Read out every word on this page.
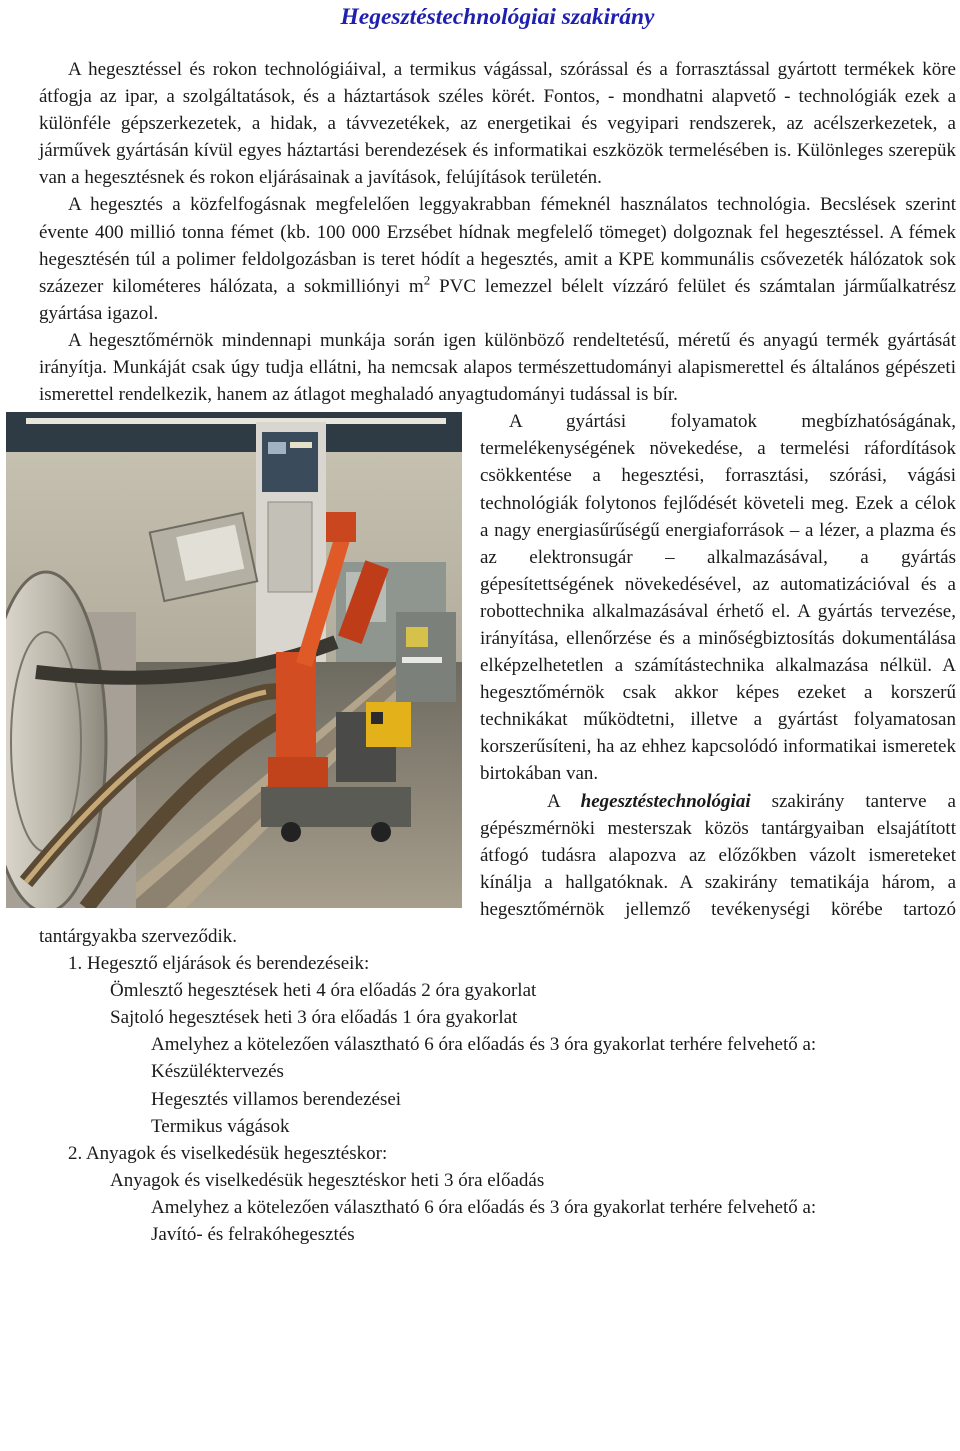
Hegesztéstechnológiai szakirány

A hegesztéssel és rokon technológiáival, a termikus vágással, szórással és a forrasztással gyártott termékek köre átfogja az ipar, a szolgáltatások, és a háztartások széles körét. Fontos, - mondhatni alapvető - technológiák ezek a különféle gépszerkezetek, a hidak, a távvezetékek, az energetikai és vegyipari rendszerek, az acélszerkezetek, a járművek gyártásán kívül egyes háztartási berendezések és informatikai eszközök termelésében is. Különleges szerepük van a hegesztésnek és rokon eljárásainak a javítások, felújítások területén.

A hegesztés a közfelfogásnak megfelelően leggyakrabban fémeknél használatos technológia. Becslések szerint évente 400 millió tonna fémet (kb. 100 000 Erzsébet hídnak megfelelő tömeget) dolgoznak fel hegesztéssel. A fémek hegesztésén túl a polimer feldolgozásban is teret hódít a hegesztés, amit a KPE kommunális csővezeték hálózatok sok százezer kilométeres hálózata, a sokmilliónyi $m^2$ PVC lemezzel bélelt vízzáró felület és számtalan járműalkatrész gyártása igazol.

A hegesztőmérnök mindennapi munkája során igen különböző rendeltetésű, méretű és anyagú termék gyártását irányítja. Munkáját csak úgy tudja ellátni, ha nemcsak alapos természettudományi alapismerettel és általános gépészeti ismerettel rendelkezik, hanem az átlagot meghaladó anyagtudományi tudással is bír.

A gyártási folyamatok megbízhatóságának, termelékenységének növekedése, a termelési ráfordítások csökkentése a hegesztési, forrasztási, szórási, vágási technológiák folytonos fejlődését követeli meg. Ezek a célok a nagy energiasűrűségű energiaforrások – a lézer, a plazma és az elektronsugár – alkalmazásával, a gyártás gépesítettségének növekedésével, az automatizációval és a robottechnika alkalmazásával érhető el. A gyártás tervezése, irányítása, ellenőrzése és a minőségbiztosítás dokumentálása elképzelhetetlen a számítástechnika alkalmazása nélkül. A hegesztőmérnök csak akkor képes ezeket a korszerű technikákat működtetni, illetve a gyártást folyamatosan korszerűsíteni, ha az ehhez kapcsolódó informatikai ismeretek birtokában van.

A hegesztéstechnológiai szakirány tanterve a gépészmérnöki mesterszak közös tantárgyaiban elsajátított átfogó tudásra alapozva az előzőkben vázolt ismereteket kínálja a hallgatóknak. A szakirány tematikája három, a hegesztőmérnök jellemző tevékenységi körébe tartozó tantárgyakba szerveződik.

1. Hegesztő eljárások és berendezéseik:
Ömlesztő hegesztések heti 4 óra előadás 2 óra gyakorlat
Sajtoló hegesztések heti 3 óra előadás 1 óra gyakorlat

Amelyhez a kötelezően választható 6 óra előadás és 3 óra gyakorlat terhére felvehető a:

Készüléktervezés
Hegesztés villamos berendezései
Termikus vágások
2. Anyagok és viselkedésük hegesztéskor:
Anyagok és viselkedésük hegesztéskor heti 3 óra előadás

Amelyhez a kötelezően választható 6 óra előadás és 3 óra gyakorlat terhére felvehető a:

Javító- és felrakóhegesztés
